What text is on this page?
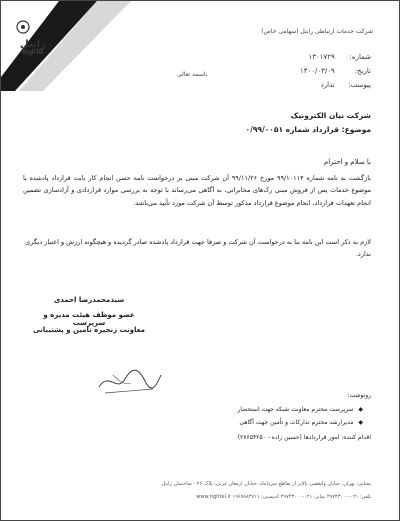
رایتل
RighTel
شرکت خدمات ارتباطی رایتل (سهامی خاص)
شماره: ۱۳۰۱۷۲۹
تاریخ: ۱۴۰۰/۰۳/۰۹
پیوست: ندارد
باسمه تعالی
شرکت نیان الکترونیک
موضوع: قرارداد شماره ۰/۹۹/۰۰۵۱
با سلام و احترام
بازگشت به نامه شماره ۹۹/۱۰۱۱۴ مورخ ۹۹/۱۱/۲۶ آن شرکت مبنی بر درخواست نامه حسن انجام کار بابت قرارداد پادشده با موضوع خدمات پس از فروش مبنی رک‌های مخابراتی، به آگاهی می‌رساند با توجه به بررسی موارد قراردادی و آزادسازی تضمین انجام تعهدات قرارداد، انجام موضوع قرارداد مذکور توسط آن شرکت مورد تأیید می‌باشد.
لازم به ذکر است این نامه بنا به درخواست آن شرکت و صرفا جهت قرارداد پادشده صادر گردیده و هیچگونه ارزش و اعتبار دیگری ندارد.
سیدمحمدرضا احمدی
عضو موظف هیئت مدیره و سرپرست
معاونت زنجیره تامین و پشتیبانی
رونوشت:
◆ سرپرست محترم معاونت شبکه جهت استحضار
◆ مدیرارشد محترم تدارکات و تأمین جهت آگاهی
اقدام کننده: امور قراردادها (حسین زاده - ۲۷۶۵۴۲۵۰)
نشانی: تهران، خیابان ولیعصر، بالاتر از تقاطع میرداماد، خیابان ارمغان غربی، پلاک ۲۶ - ساختمان رایتل
تلفن: ۰۲۱-۴۹۷۴۳۰۰۰ نمابر: ۰۲۱-۴۹۷۴۳۰۰۰ کدپستی: ۱۹۶۷۸۸۳۷۱۱ www.rightel.ir
